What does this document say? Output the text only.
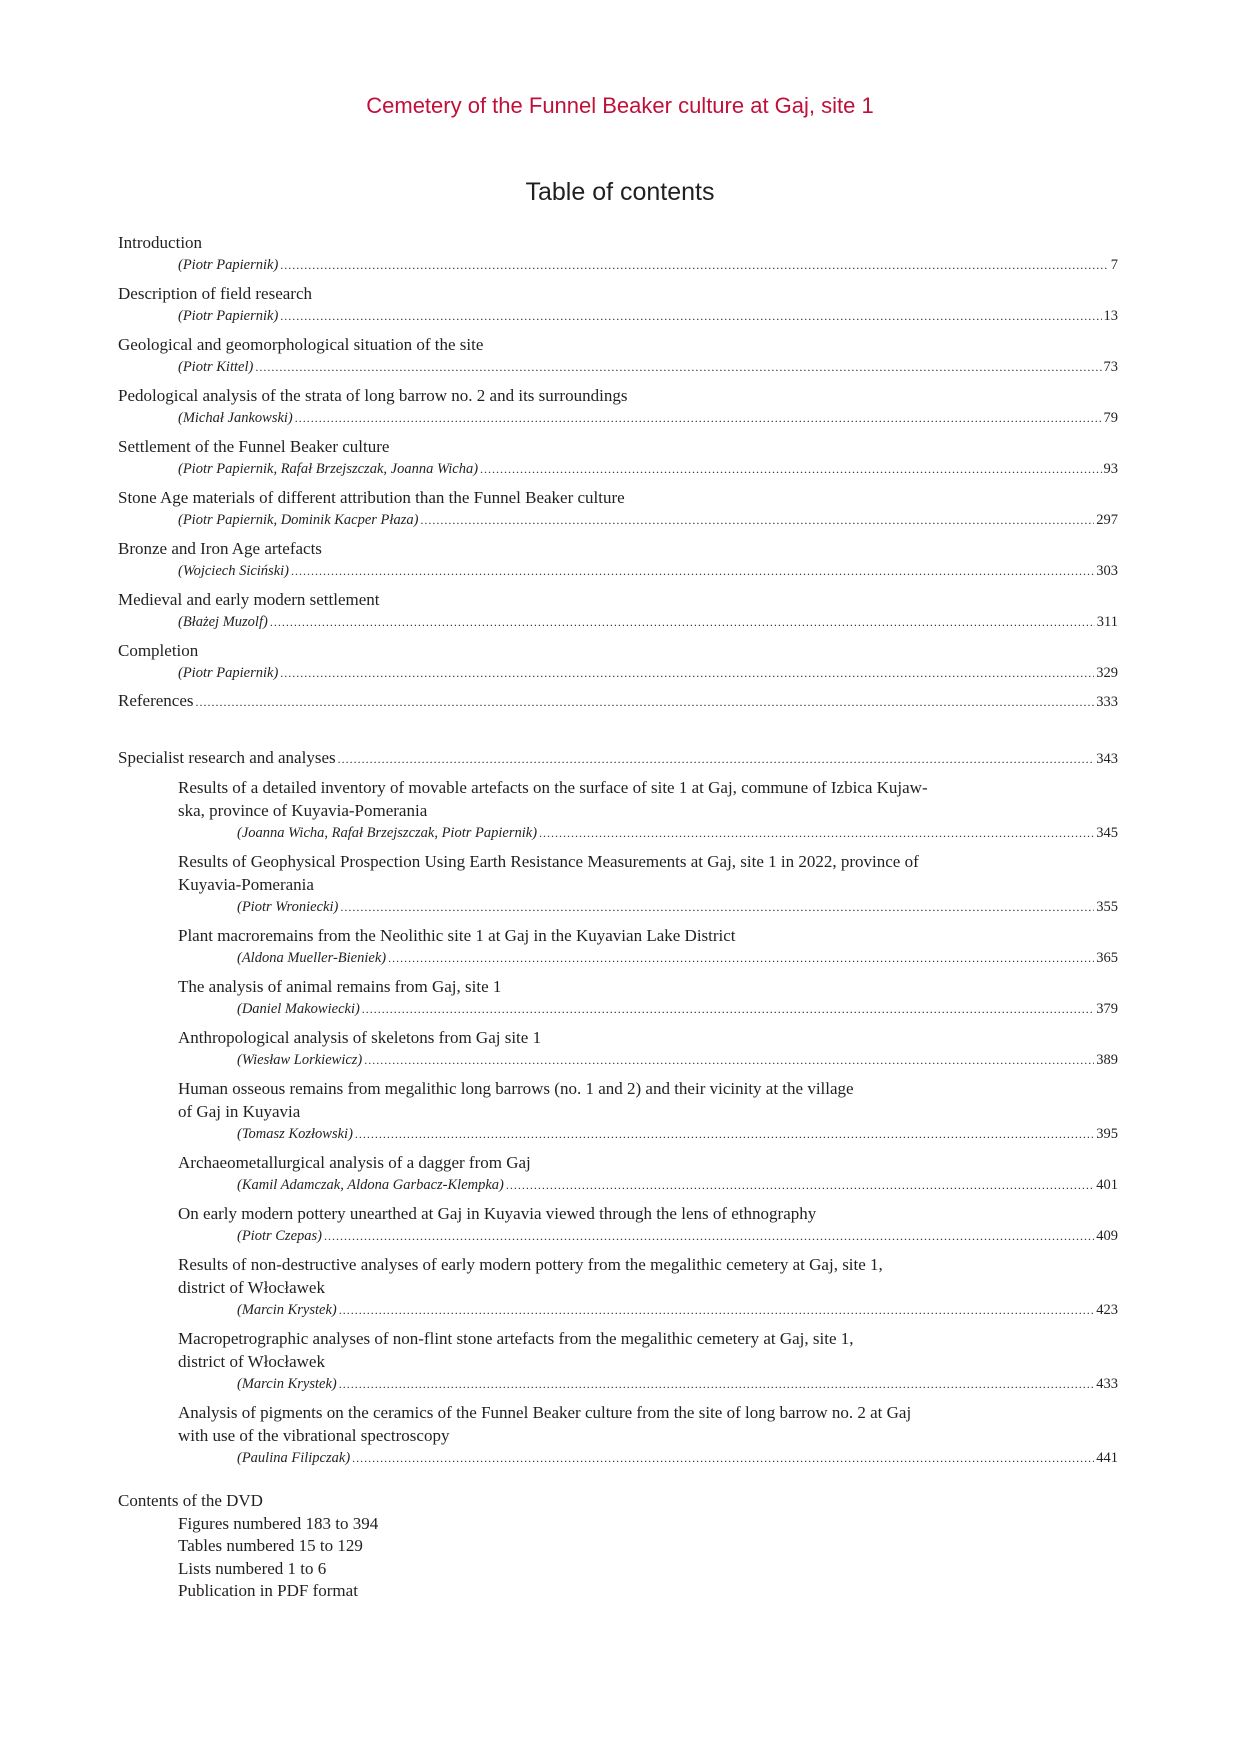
Cemetery of the Funnel Beaker culture at Gaj, site 1
Table of contents
Introduction
(Piotr Papiernik) .....	7
Description of field research
(Piotr Papiernik) .....	13
Geological and geomorphological situation of the site
(Piotr Kittel) .....	73
Pedological analysis of the strata of long barrow no. 2 and its surroundings
(Michał Jankowski) .....	79
Settlement of the Funnel Beaker culture
(Piotr Papiernik, Rafał Brzejszczak, Joanna Wicha) .....	93
Stone Age materials of different attribution than the Funnel Beaker culture
(Piotr Papiernik, Dominik Kacper Płaza) .....	297
Bronze and Iron Age artefacts
(Wojciech Siciński) .....	303
Medieval and early modern settlement
(Błażej Muzolf) .....	311
Completion
(Piotr Papiernik) .....	329
References .....	333
Specialist research and analyses .....	343
Results of a detailed inventory of movable artefacts on the surface of site 1 at Gaj, commune of Izbica Kujaw-
ska, province of Kuyavia-Pomerania
(Joanna Wicha, Rafał Brzejszczak, Piotr Papiernik) .....	345
Results of Geophysical Prospection Using Earth Resistance Measurements at Gaj, site 1 in 2022, province of
Kuyavia-Pomerania
(Piotr Wroniecki) .....	355
Plant macroremains from the Neolithic site 1 at Gaj in the Kuyavian Lake District
(Aldona Mueller-Bieniek) .....	365
The analysis of animal remains from Gaj, site 1
(Daniel Makowiecki) .....	379
Anthropological analysis of skeletons from Gaj site 1
(Wiesław Lorkiewicz) .....	389
Human osseous remains from megalithic long barrows (no. 1 and 2) and their vicinity at the village
of Gaj in Kuyavia
(Tomasz Kozłowski) .....	395
Archaeometallurgical analysis of a dagger from Gaj
(Kamil Adamczak, Aldona Garbacz-Klempka) .....	401
On early modern pottery unearthed at Gaj in Kuyavia viewed through the lens of ethnography
(Piotr Czepas) .....	409
Results of non-destructive analyses of early modern pottery from the megalithic cemetery at Gaj, site 1,
district of Włocławek
(Marcin Krystek) .....	423
Macropetrographic analyses of non-flint stone artefacts from the megalithic cemetery at Gaj, site 1,
district of Włocławek
(Marcin Krystek) .....	433
Analysis of pigments on the ceramics of the Funnel Beaker culture from the site of long barrow no. 2 at Gaj
with use of the vibrational spectroscopy
(Paulina Filipczak) .....	441
Contents of the DVD
Figures numbered 183 to 394
Tables numbered 15 to 129
Lists numbered 1 to 6
Publication in PDF format
